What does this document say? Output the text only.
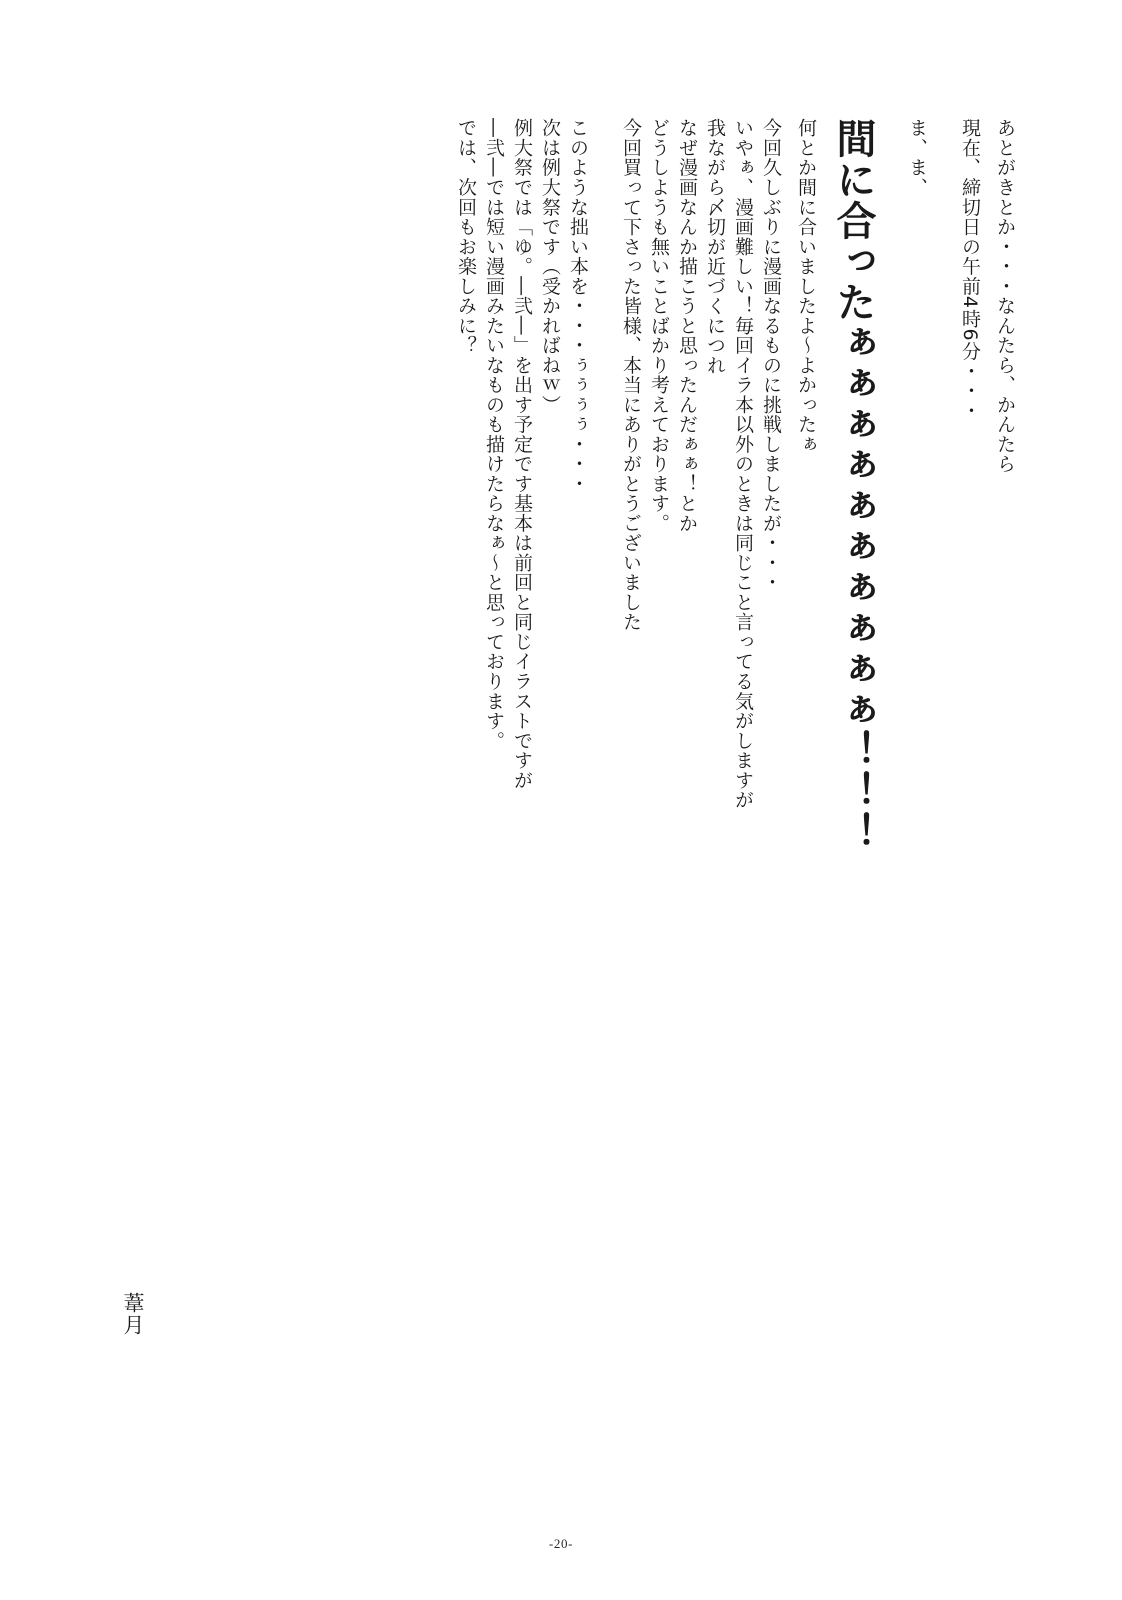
あとがきとか・・・なんたら、かんたら
現在、締切日の午前4時6分・・・
ま、ま、
間に合ったぁぁぁぁぁぁぁぁぁぁ！！！
何とか間に合いましたよ～よかったぁ
今回久しぶりに漫画なるものに挑戦しましたが・・・
いやぁ、漫画難しい！毎回イラ本以外のときは同じこと言ってる気がしますが
我ながら〆切が近づくにつれ
なぜ漫画なんか描こうと思ったんだぁぁ！とか
どうしようも無いことばかり考えております。
今回買って下さった皆様、本当にありがとうございました
このような拙い本を・・・ぅぅぅぅ・・・
次は例大祭です（受かればねｗ）
例大祭では「ゆ。―弐―」を出す予定です基本は前回と同じイラストですが
―弐―では短い漫画みたいなものも描けたらなぁ～と思っております。
では、次回もお楽しみに？
葦月
-20-
